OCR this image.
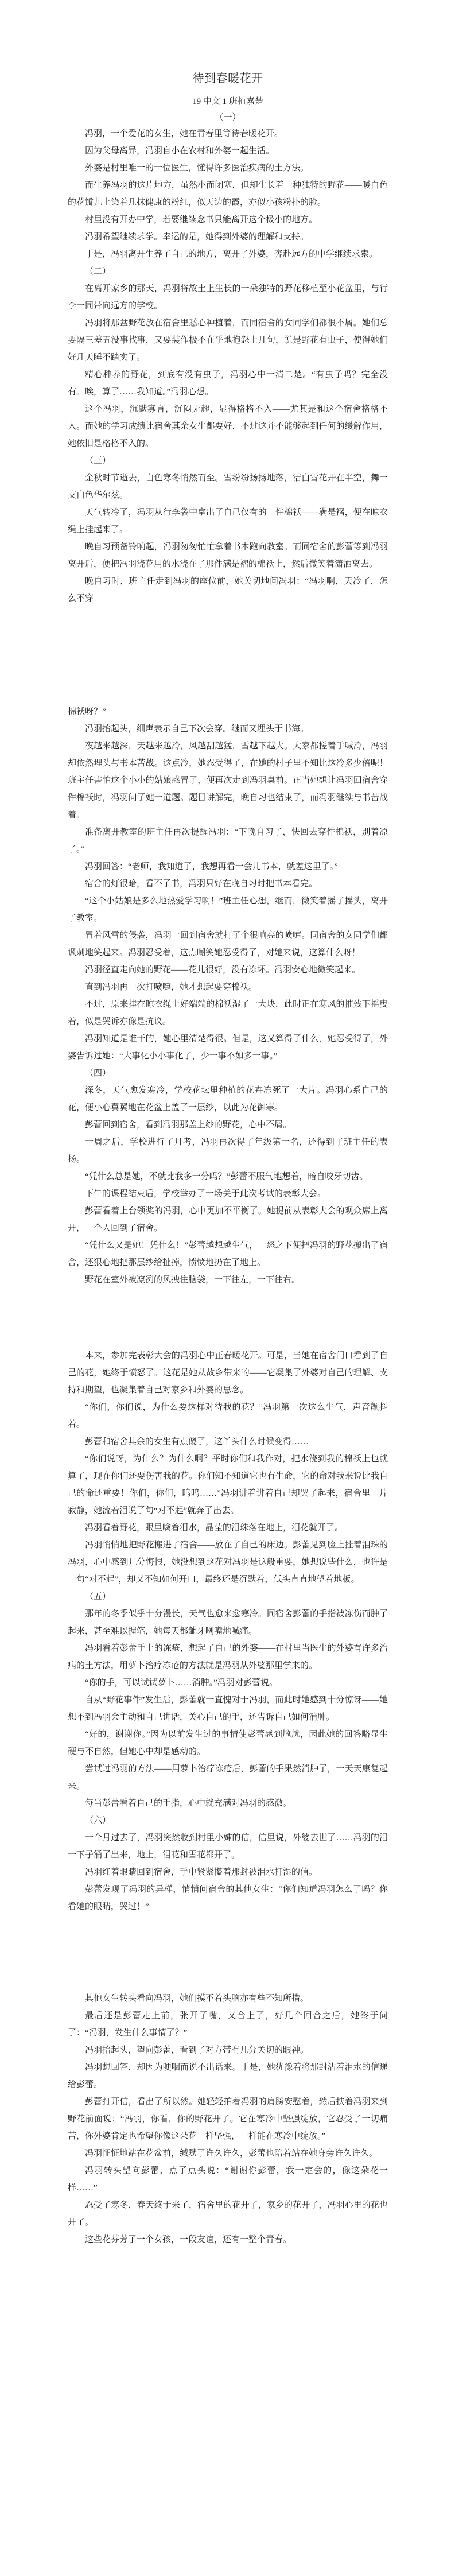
待到春暖花开
19 中文 1 班植嘉楚
（一）

冯羽，一个爱花的女生，她在青春里等待春暖花开。

因为父母离异，冯羽自小在农村和外婆一起生活。

外婆是村里唯一的一位医生，懂得许多医治疾病的土方法。

而生养冯羽的这片地方，虽然小而闭塞，但却生长着一种独特的野花——暖白色的花瓣儿上染着几抹健康的粉红，似天边的霞，亦似小孩粉扑的脸。

村里没有开办中学，若要继续念书只能离开这个极小的地方。

冯羽希望继续求学。幸运的是，她得到外婆的理解和支持。

于是，冯羽离开生养了自己的地方，离开了外婆，奔赴远方的中学继续求索。

（二）

在离开家乡的那天，冯羽将故土上生长的一朵独特的野花移植至小花盆里，与行李一同带向远方的学校。

冯羽将那盆野花放在宿舍里悉心种植着，而同宿舍的女同学们都很不屑。她们总要隔三差五没事找事，又要装作极不在乎地抱怨上几句，说是野花有虫子，使得她们好几天睡不踏实了。

精心种养的野花，到底有没有虫子，冯羽心中一清二楚。“有虫子吗？完全没有。唉，算了……我知道。”冯羽心想。

这个冯羽，沉默寡言，沉闷无趣，显得格格不入——尤其是和这个宿舍格格不入。而她的学习成绩比宿舍其余女生都要好，不过这并不能够起到任何的缓解作用，她依旧是格格不入的。

（三）

金秋时节逝去，白色寒冬悄然而至。雪纷纷扬扬地落，洁白雪花开在半空，舞一支白色华尔兹。

天气转冷了，冯羽从行李袋中拿出了自己仅有的一件棉袄——满是褶，便在晾衣绳上挂起来了。

晚自习预备铃响起，冯羽匆匆忙忙拿着书本跑向教室。而同宿舍的彭蕾等到冯羽离开后，便把冯羽浇花用的水浇在了那件满是褶的棉袄上，然后微笑着潇洒离去。

晚自习时，班主任走到冯羽的座位前，她关切地问冯羽：“冯羽啊，天冷了，怎么不穿

棉袄呀？”

冯羽抬起头，细声表示自己下次会穿。继而又埋头于书海。

夜越来越深，天越来越冷，风越刮越猛，雪越下越大。大家都搓着手喊冷，冯羽却依然埋头与书本苦战。这点冷，她忍受得了，在她的村子里不知比这冷多少倍呢！班主任害怕这个小小的姑娘感冒了，便再次走到冯羽桌前。正当她想让冯羽回宿舍穿件棉袄时，冯羽问了她一道题。题目讲解完，晚自习也结束了，而冯羽继续与书苦战着。

准备离开教室的班主任再次提醒冯羽：“下晚自习了，快回去穿件棉袄，别着凉了。”

冯羽回答：“老师，我知道了，我想再看一会儿书本，就差这里了。”

宿舍的灯很暗，看不了书，冯羽只好在晚自习时把书本看完。

“这个小姑娘是多么地热爱学习啊！”班主任心想，继而，微笑着摇了摇头，离开了教室。

冒着风雪的侵袭，冯羽一回到宿舍就打了个很响亮的喷嚏。同宿舍的女同学们都讽刺地笑起来。冯羽忍受着，这点嘲笑她忍受得了，对她来说，这算什么呀！

冯羽径直走向她的野花——花儿很好，没有冻坏。冯羽安心地微笑起来。

直到冯羽再一次打喷嚏，她才想起要穿棉袄。

不过，原来挂在晾衣绳上好端端的棉袄湿了一大块，此时正在寒风的摧残下摇曳着，似是哭诉亦像是抗议。

冯羽知道是谁干的，她心里清楚得很。但是，这又算得了什么，她忍受得了，外婆告诉过她：“大事化小小事化了，少一事不如多一事。”

（四）

深冬，天气愈发寒冷，学校花坛里种植的花卉冻死了一大片。冯羽心系自己的花，便小心翼翼地在花盆上盖了一层纱，以此为花御寒。

彭蕾回到宿舍，看到冯羽那盖上纱的野花，心中不屑。

一周之后，学校进行了月考，冯羽再次得了年级第一名，还得到了班主任的表扬。

“凭什么总是她，不就比我多一分吗？”彭蕾不服气地想着，暗自咬牙切齿。

下午的课程结束后，学校举办了一场关于此次考试的表彰大会。

彭蕾看着上台领奖的冯羽，心中更加不平衡了。她提前从表彰大会的观众席上离开，一个人回到了宿舍。

“凭什么又是她！凭什么！”彭蕾越想越生气，一怒之下便把冯羽的野花搬出了宿舍，还狠心地把那层纱给扯掉，愤愤地扔在了地上。

野花在室外被凛冽的风拽住脑袋，一下往左，一下往右。

本来，参加完表彰大会的冯羽心中正春暖花开。可是，当她在宿舍门口看到了自己的花，她终于愤怒了。这花是她从故乡带来的——它凝集了外婆对自己的理解、支持和期望，也凝集着自己对家乡和外婆的思念。

“你们，你们说，为什么要这样对待我的花？”冯羽第一次这么生气，声音颤抖着。

彭蕾和宿舍其余的女生有点傻了，这丫头什么时候变得……

“你们说呀，为什么？为什么啊？平时你们和我作对，把水浇到我的棉袄上也就算了，现在你们还要伤害我的花。你们知不知道它也有生命，它的命对我来说比我自己的命还重要！你们，你们，呜呜……”冯羽讲着讲着自己却哭了起来，宿舍里一片寂静，她流着泪说了句“对不起”就奔了出去。

冯羽看着野花，眼里噙着泪水，晶莹的泪珠落在地上，泪花就开了。

冯羽悄悄地把野花搬进了宿舍——放在了自己的床边。彭蕾见到脸上挂着泪珠的冯羽，心中感到几分悔恨，她没想到这花对冯羽是这般重要，她想说些什么，也许是一句“对不起”，却又不知如何开口，最终还是沉默着，低头直直地望着地板。

（五）

那年的冬季似乎十分漫长，天气也愈来愈寒冷。同宿舍彭蕾的手指被冻伤而肿了起来，甚至难以握笔，她每天都龇牙咧嘴地喊痛。

冯羽看着彭蕾手上的冻疮，想起了自己的外婆——在村里当医生的外婆有许多治病的土方法，用萝卜治疗冻疮的方法就是冯羽从外婆那里学来的。

“你的手，可以试试萝卜……消肿。”冯羽对彭蕾说。

自从“野花事件”发生后，彭蕾就一直愧对于冯羽，而此时她感到十分惊讶——她想不到冯羽会主动和自己讲话，关心自己的手，还告诉自己如何消肿。

“好的，谢谢你。”因为以前发生过的事情使彭蕾感到尴尬，因此她的回答略显生硬与不自然，但她心中却是感动的。

尝试过冯羽的方法——用萝卜治疗冻疮后，彭蕾的手果然消肿了，一天天康复起来。

每当彭蕾看着自己的手指，心中就充满对冯羽的感激。

（六）

一个月过去了，冯羽突然收到村里小婶的信，信里说，外婆去世了……冯羽的泪一下子涌了出来，地上，泪花和雪花都开了。

冯羽红着眼睛回到宿舍，手中紧紧攥着那封被泪水打湿的信。

彭蕾发现了冯羽的异样，悄悄问宿舍的其他女生：“你们知道冯羽怎么了吗？你看她的眼睛，哭过！”

其他女生转头看向冯羽，她们摸不着头脑亦有些不知所措。

最后还是彭蕾走上前，张开了嘴，又合上了，好几个回合之后，她终于问了：“冯羽，发生什么事情了？”

冯羽抬起头，望向彭蕾，看到了对方带有几分关切的眼神。

冯羽想回答，却因为哽咽而说不出话来。于是，她犹豫着将那封沾着泪水的信递给彭蕾。

彭蕾打开信，看出了所以然。她轻轻拍着冯羽的肩膀安慰着，然后扶着冯羽来到野花前面说：“冯羽，你看，你的野花开了。它在寒冷中坚强绽放，它忍受了一切痛苦，你外婆肯定也希望你像这朵花一样坚强，一样能在寒冷中绽放。”

冯羽怔怔地站在花盆前，缄默了许久许久，彭蕾也陪着站在她身旁许久许久。

冯羽转头望向彭蕾，点了点头说：“谢谢你彭蕾，我一定会的，像这朵花一样……”

忍受了寒冬，春天终于来了，宿舍里的花开了，家乡的花开了，冯羽心里的花也开了。

这些花芬芳了一个女孩，一段友谊，还有一整个青春。
